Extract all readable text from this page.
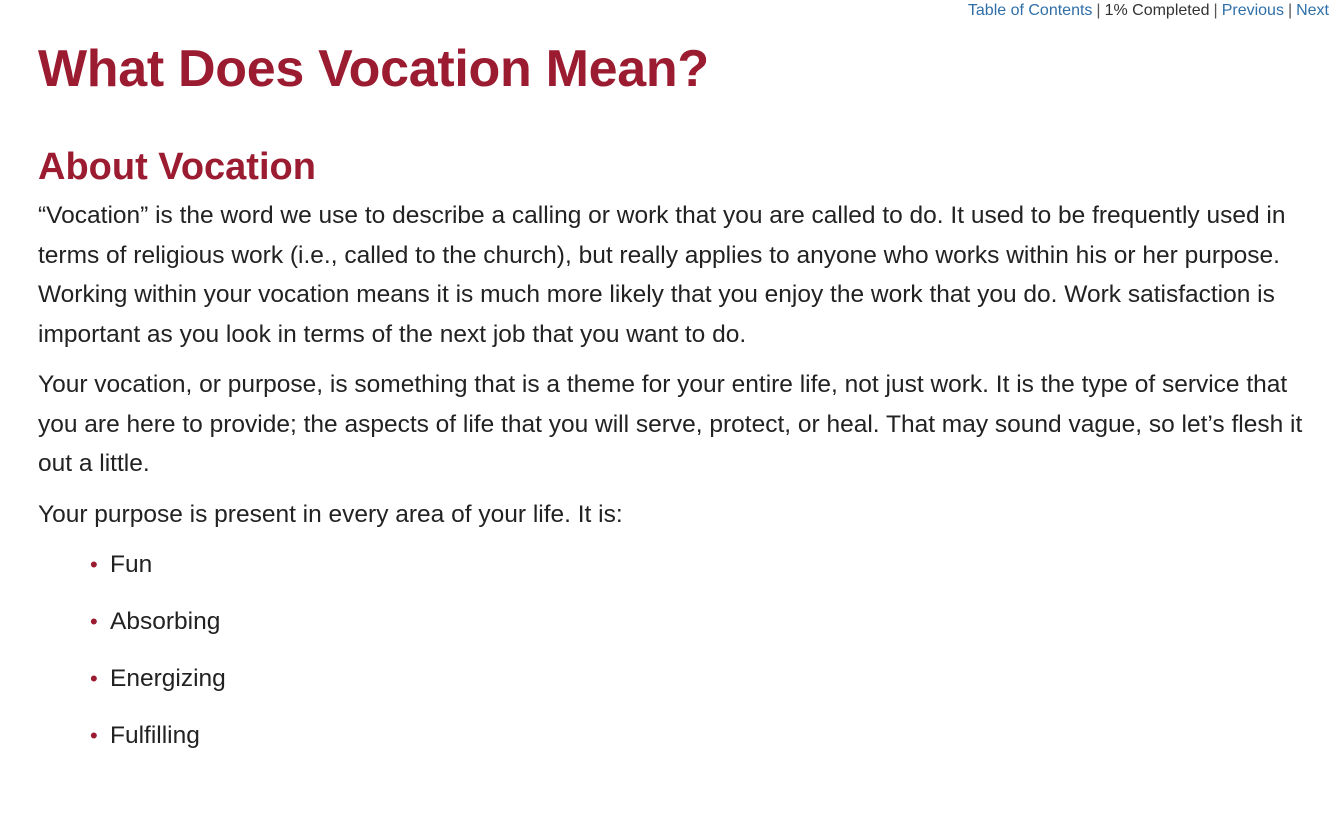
Table of Contents | 1% Completed | Previous | Next
What Does Vocation Mean?
About Vocation

“Vocation” is the word we use to describe a calling or work that you are called to do. It used to be frequently used in terms of religious work (i.e., called to the church), but really applies to anyone who works within his or her purpose. Working within your vocation means it is much more likely that you enjoy the work that you do. Work satisfaction is important as you look in terms of the next job that you want to do.

Your vocation, or purpose, is something that is a theme for your entire life, not just work. It is the type of service that you are here to provide; the aspects of life that you will serve, protect, or heal. That may sound vague, so let’s flesh it out a little.

Your purpose is present in every area of your life. It is:

• Fun
• Absorbing
• Energizing
• Fulfilling
